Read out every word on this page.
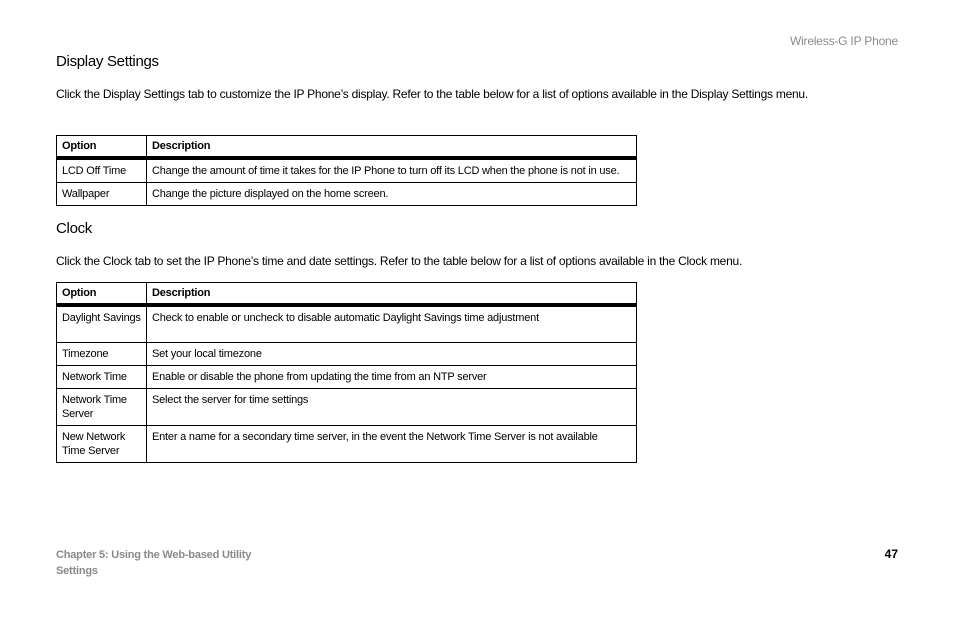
Wireless-G IP Phone
Display Settings
Click the Display Settings tab to customize the IP Phone’s display. Refer to the table below for a list of options available in the Display Settings menu.
Option	Description
LCD Off Time	Change the amount of time it takes for the IP Phone to turn off its LCD when the phone is not in use.
Wallpaper	Change the picture displayed on the home screen.
Clock
Click the Clock tab to set the IP Phone’s time and date settings. Refer to the table below for a list of options available in the Clock menu.
Option	Description
Daylight Savings	Check to enable or uncheck to disable automatic Daylight Savings time adjustment
Timezone	Set your local timezone
Network Time	Enable or disable the phone from updating the time from an NTP server
Network Time Server	Select the server for time settings
New Network Time Server	Enter a name for a secondary time server, in the event the Network Time Server is not available
Chapter 5: Using the Web-based Utility
Settings
47
